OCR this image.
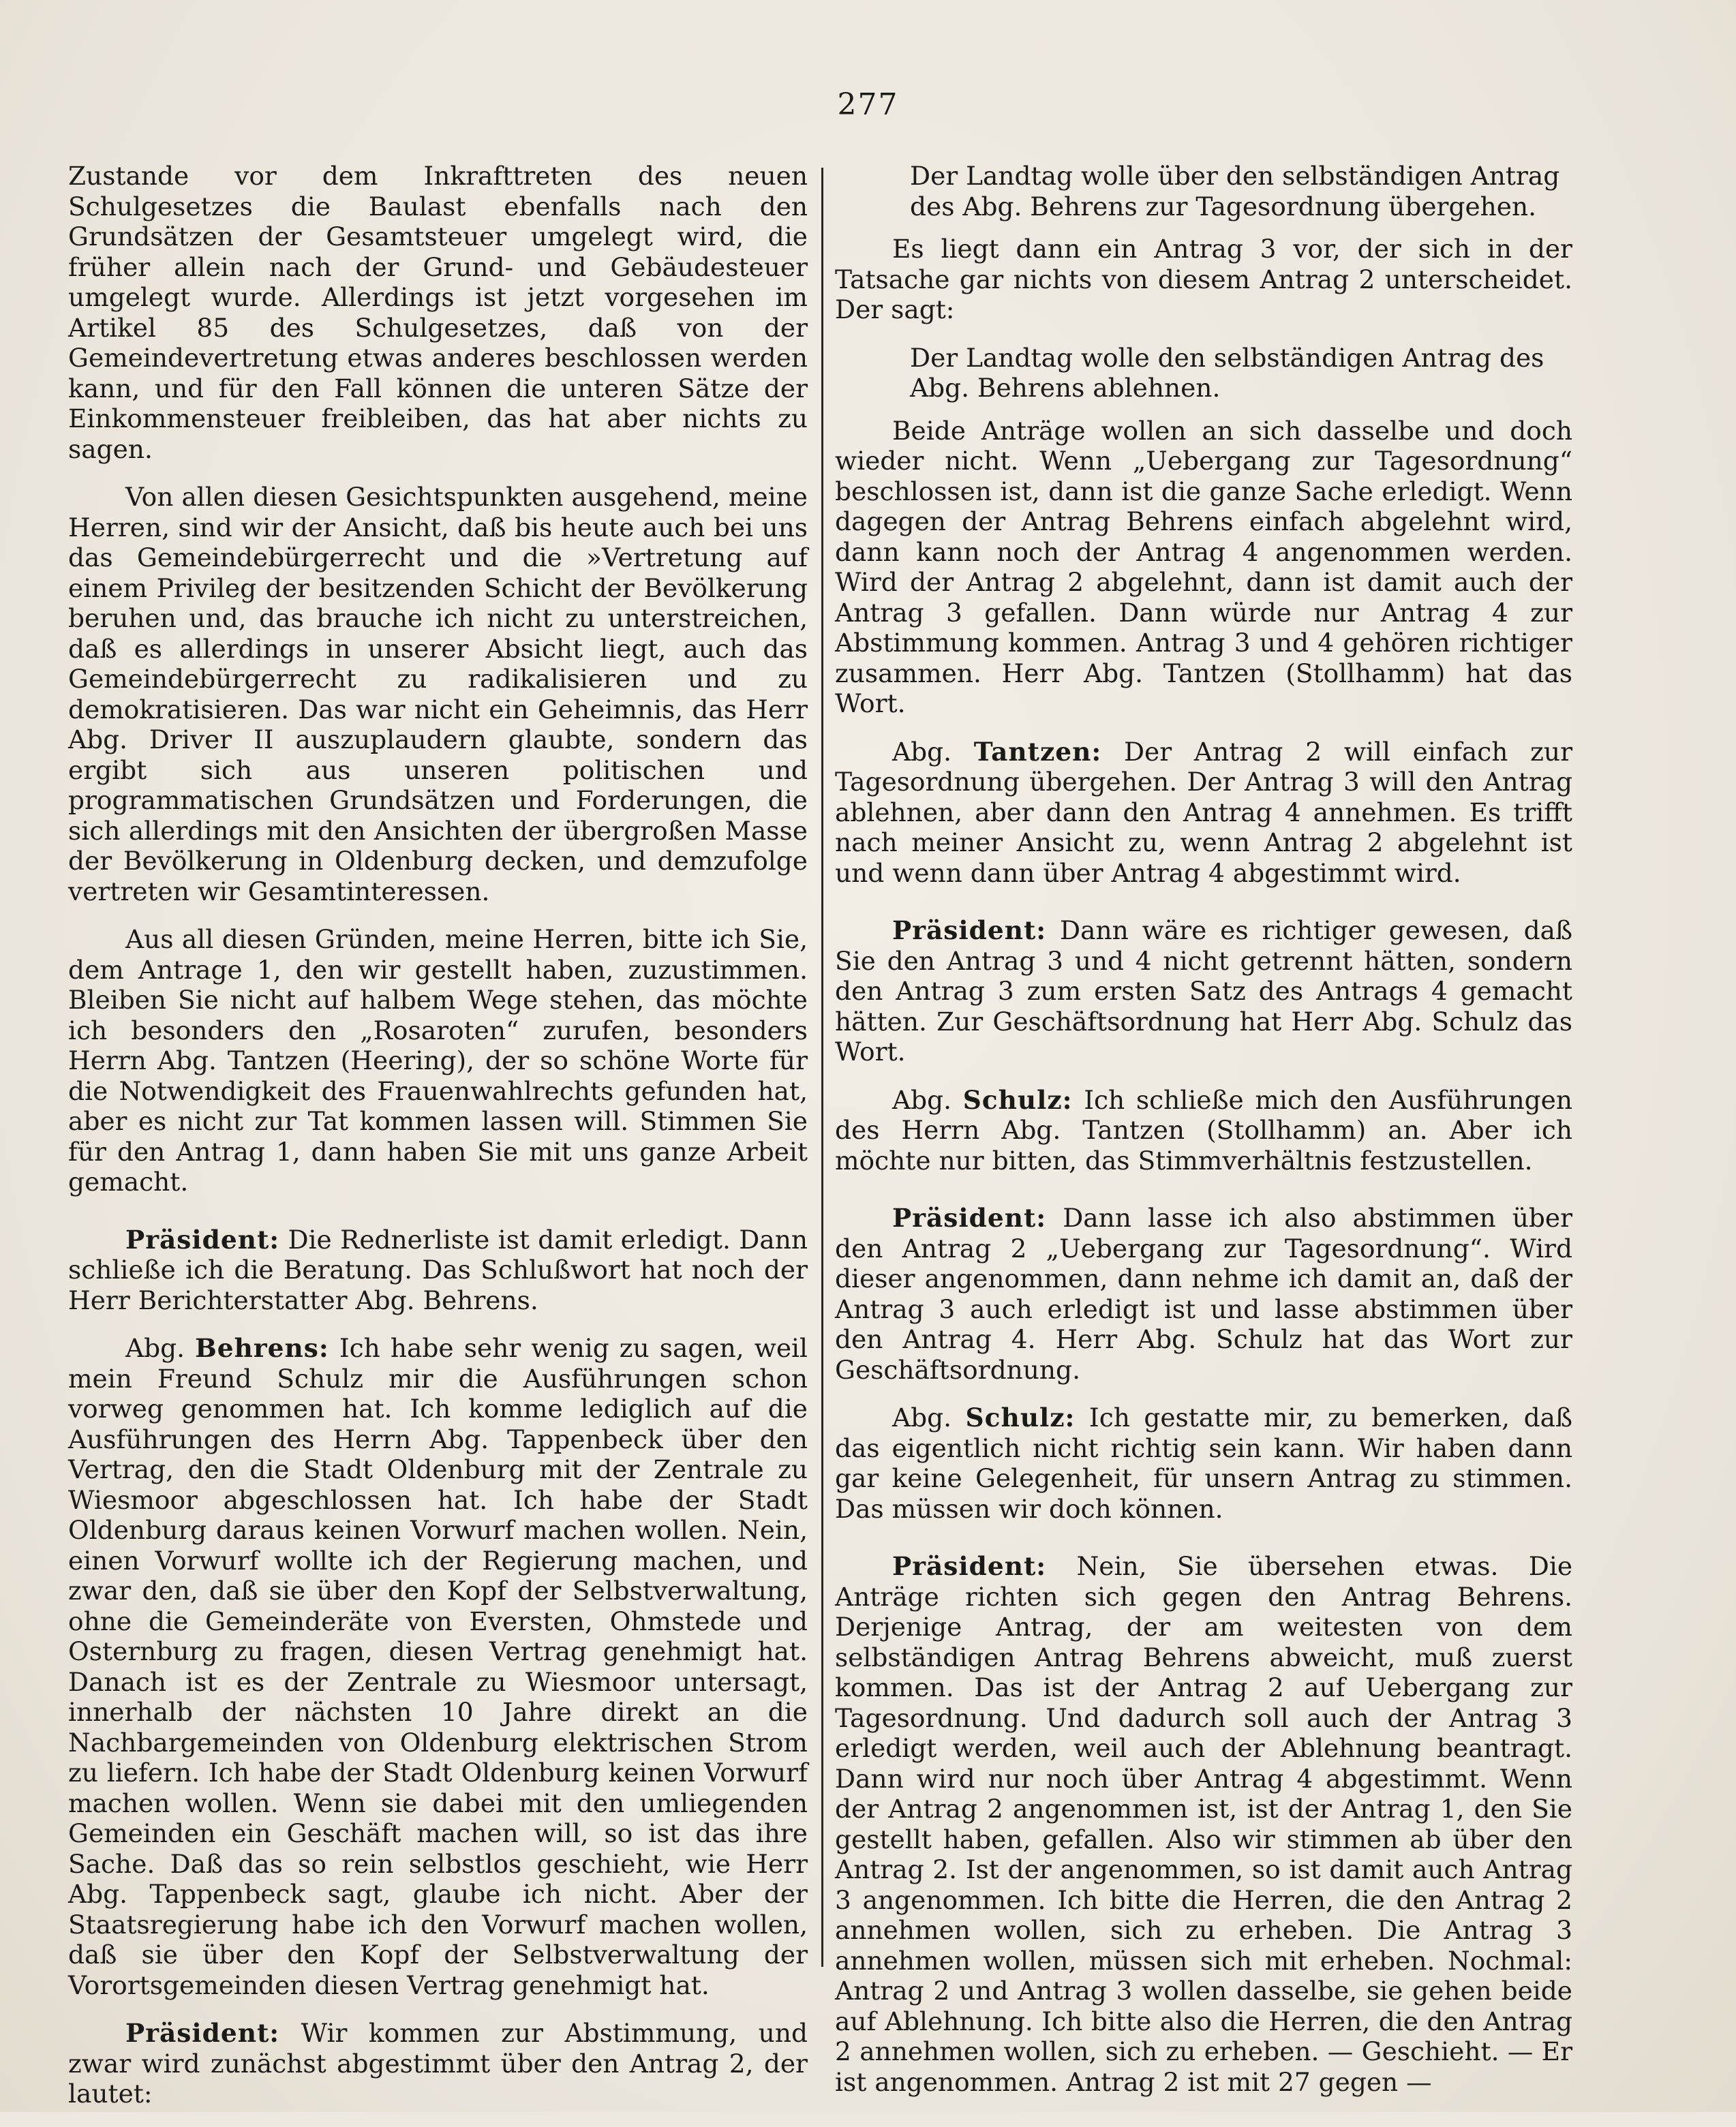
277

Zustande vor dem Inkrafttreten des neuen Schulgesetzes die Baulast ebenfalls nach den Grundsätzen der Gesamtsteuer umgelegt wird, die früher allein nach der Grund- und Gebäudesteuer umgelegt wurde. Allerdings ist jetzt vorgesehen im Artikel 85 des Schulgesetzes, daß von der Gemeindevertretung etwas anderes beschlossen werden kann, und für den Fall können die unteren Sätze der Einkommensteuer freibleiben, das hat aber nichts zu sagen.

Von allen diesen Gesichtspunkten ausgehend, meine Herren, sind wir der Ansicht, daß bis heute auch bei uns das Gemeindebürgerrecht und die »Vertretung auf einem Privileg der besitzenden Schicht der Bevölkerung beruhen und, das brauche ich nicht zu unterstreichen, daß es allerdings in unserer Absicht liegt, auch das Gemeindebürgerrecht zu radikalisieren und zu demokratisieren. Das war nicht ein Geheimnis, das Herr Abg. Driver II auszuplaudern glaubte, sondern das ergibt sich aus unseren politischen und programmatischen Grundsätzen und Forderungen, die sich allerdings mit den Ansichten der übergroßen Masse der Bevölkerung in Oldenburg decken, und demzufolge vertreten wir Gesamtinteressen.

Aus all diesen Gründen, meine Herren, bitte ich Sie, dem Antrage 1, den wir gestellt haben, zuzustimmen. Bleiben Sie nicht auf halbem Wege stehen, das möchte ich besonders den „Rosaroten“ zurufen, besonders Herrn Abg. Tantzen (Heering), der so schöne Worte für die Notwendigkeit des Frauenwahlrechts gefunden hat, aber es nicht zur Tat kommen lassen will. Stimmen Sie für den Antrag 1, dann haben Sie mit uns ganze Arbeit gemacht.

Präsident: Die Rednerliste ist damit erledigt. Dann schließe ich die Beratung. Das Schlußwort hat noch der Herr Berichterstatter Abg. Behrens.

Abg. Behrens: Ich habe sehr wenig zu sagen, weil mein Freund Schulz mir die Ausführungen schon vorweg genommen hat. Ich komme lediglich auf die Ausführungen des Herrn Abg. Tappenbeck über den Vertrag, den die Stadt Oldenburg mit der Zentrale zu Wiesmoor abgeschlossen hat. Ich habe der Stadt Oldenburg daraus keinen Vorwurf machen wollen. Nein, einen Vorwurf wollte ich der Regierung machen, und zwar den, daß sie über den Kopf der Selbstverwaltung, ohne die Gemeinderäte von Eversten, Ohmstede und Osternburg zu fragen, diesen Vertrag genehmigt hat. Danach ist es der Zentrale zu Wiesmoor untersagt, innerhalb der nächsten 10 Jahre direkt an die Nachbargemeinden von Oldenburg elektrischen Strom zu liefern. Ich habe der Stadt Oldenburg keinen Vorwurf machen wollen. Wenn sie dabei mit den umliegenden Gemeinden ein Geschäft machen will, so ist das ihre Sache. Daß das so rein selbstlos geschieht, wie Herr Abg. Tappenbeck sagt, glaube ich nicht. Aber der Staatsregierung habe ich den Vorwurf machen wollen, daß sie über den Kopf der Selbstverwaltung der Vorortsgemeinden diesen Vertrag genehmigt hat.

Präsident: Wir kommen zur Abstimmung, und zwar wird zunächst abgestimmt über den Antrag 2, der lautet:

Der Landtag wolle über den selbständigen Antrag
des Abg. Behrens zur Tagesordnung übergehen.

Es liegt dann ein Antrag 3 vor, der sich in der Tatsache gar nichts von diesem Antrag 2 unterscheidet. Der sagt:

Der Landtag wolle den selbständigen Antrag des
Abg. Behrens ablehnen.

Beide Anträge wollen an sich dasselbe und doch wieder nicht. Wenn „Uebergang zur Tagesordnung“ beschlossen ist, dann ist die ganze Sache erledigt. Wenn dagegen der Antrag Behrens einfach abgelehnt wird, dann kann noch der Antrag 4 angenommen werden. Wird der Antrag 2 abgelehnt, dann ist damit auch der Antrag 3 gefallen. Dann würde nur Antrag 4 zur Abstimmung kommen. Antrag 3 und 4 gehören richtiger zusammen. Herr Abg. Tantzen (Stollhamm) hat das Wort.

Abg. Tantzen: Der Antrag 2 will einfach zur Tagesordnung übergehen. Der Antrag 3 will den Antrag ablehnen, aber dann den Antrag 4 annehmen. Es trifft nach meiner Ansicht zu, wenn Antrag 2 abgelehnt ist und wenn dann über Antrag 4 abgestimmt wird.

Präsident: Dann wäre es richtiger gewesen, daß Sie den Antrag 3 und 4 nicht getrennt hätten, sondern den Antrag 3 zum ersten Satz des Antrags 4 gemacht hätten. Zur Geschäftsordnung hat Herr Abg. Schulz das Wort.

Abg. Schulz: Ich schließe mich den Ausführungen des Herrn Abg. Tantzen (Stollhamm) an. Aber ich möchte nur bitten, das Stimmverhältnis festzustellen.

Präsident: Dann lasse ich also abstimmen über den Antrag 2 „Uebergang zur Tagesordnung“. Wird dieser angenommen, dann nehme ich damit an, daß der Antrag 3 auch erledigt ist und lasse abstimmen über den Antrag 4. Herr Abg. Schulz hat das Wort zur Geschäftsordnung.

Abg. Schulz: Ich gestatte mir, zu bemerken, daß das eigentlich nicht richtig sein kann. Wir haben dann gar keine Gelegenheit, für unsern Antrag zu stimmen. Das müssen wir doch können.

Präsident: Nein, Sie übersehen etwas. Die Anträge richten sich gegen den Antrag Behrens. Derjenige Antrag, der am weitesten von dem selbständigen Antrag Behrens abweicht, muß zuerst kommen. Das ist der Antrag 2 auf Uebergang zur Tagesordnung. Und dadurch soll auch der Antrag 3 erledigt werden, weil auch der Ablehnung beantragt. Dann wird nur noch über Antrag 4 abgestimmt. Wenn der Antrag 2 angenommen ist, ist der Antrag 1, den Sie gestellt haben, gefallen. Also wir stimmen ab über den Antrag 2. Ist der angenommen, so ist damit auch Antrag 3 angenommen. Ich bitte die Herren, die den Antrag 2 annehmen wollen, sich zu erheben. Die Antrag 3 annehmen wollen, müssen sich mit erheben. Nochmal: Antrag 2 und Antrag 3 wollen dasselbe, sie gehen beide auf Ablehnung. Ich bitte also die Herren, die den Antrag 2 annehmen wollen, sich zu erheben. — Geschieht. — Er ist angenommen. Antrag 2 ist mit 27 gegen —
